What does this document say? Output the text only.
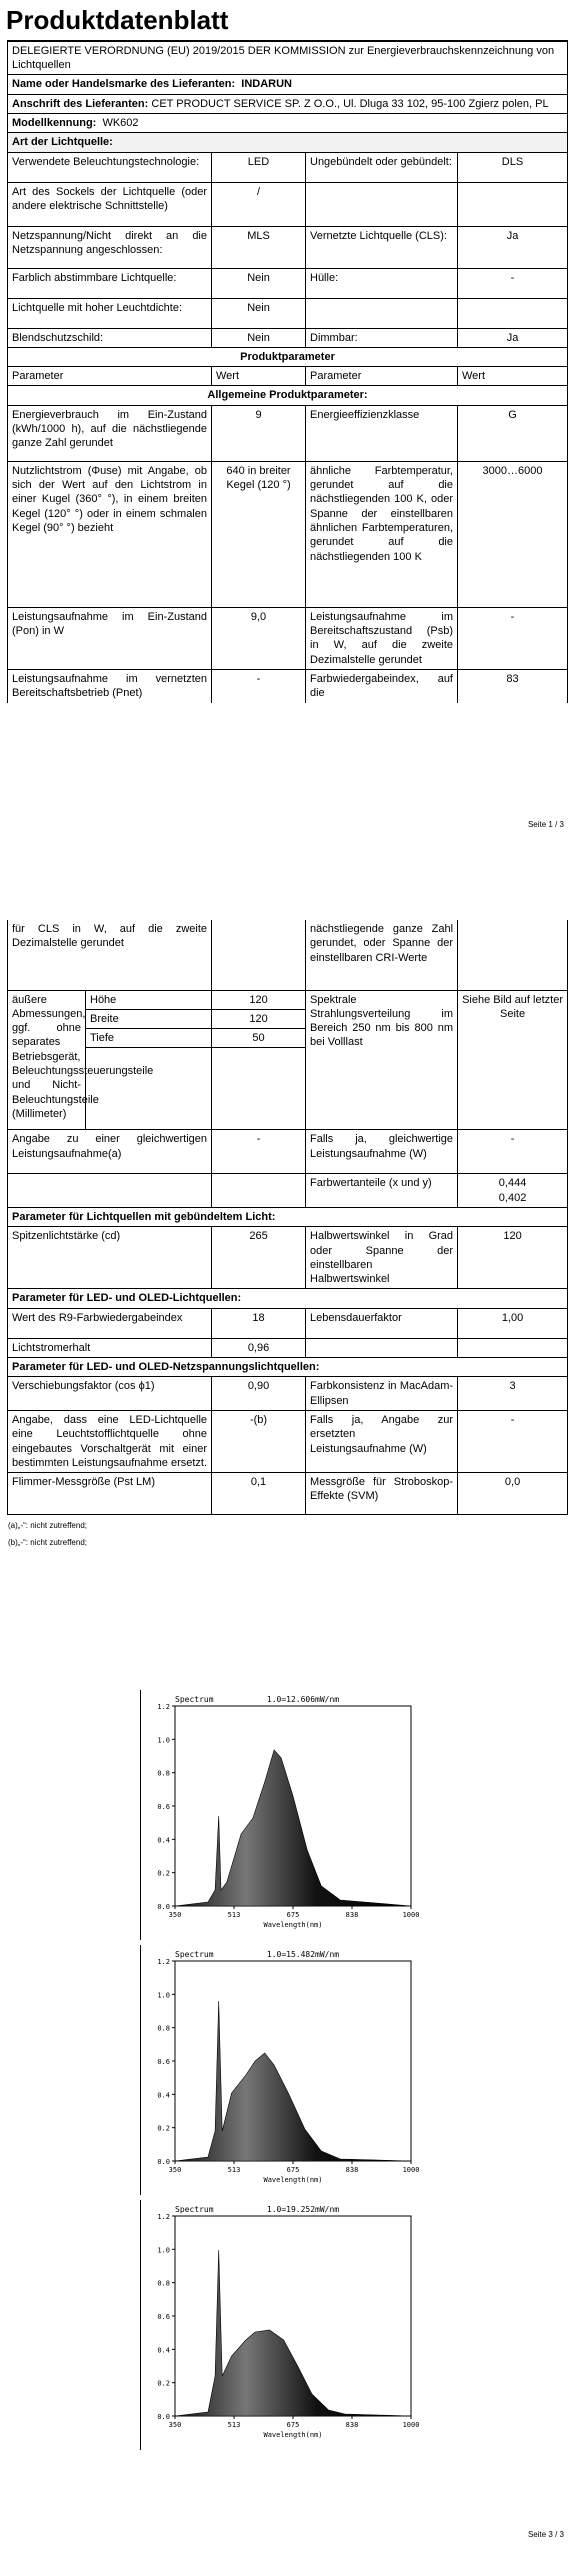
Produktdatenblatt
DELEGIERTE VERORDNUNG (EU) 2019/2015 DER KOMMISSION zur Energieverbrauchskennzeichnung von Lichtquellen			
Name oder Handelsmarke des Lieferanten: INDARUN			
Anschrift des Lieferanten: CET PRODUCT SERVICE SP. Z O.O., Ul. Dluga 33 102, 95-100 Zgierz polen, PL			
Modellkennung: WK602			
Art der Lichtquelle:			
Verwendete Beleuchtungstechnologie:	LED	Ungebündelt oder gebündelt:	DLS
Art des Sockels der Lichtquelle (oder andere elektrische Schnittstelle)	/		
Netzspannung/Nicht direkt an die Netzspannung angeschlossen:	MLS	Vernetzte Lichtquelle (CLS):	Ja
Farblich abstimmbare Lichtquelle:	Nein	Hülle:	-
Lichtquelle mit hoher Leuchtdichte:	Nein		
Blendschutzschild:	Nein	Dimmbar:	Ja
Produktparameter			
Parameter	Wert	Parameter	Wert
Allgemeine Produktparameter:			
Energieverbrauch im Ein-Zustand (kWh/1000 h), auf die nächstliegende ganze Zahl gerundet	9	Energieeffizienzklasse	G
Nutzlichtstrom (Φuse) mit Angabe, ob sich der Wert auf den Lichtstrom in einer Kugel (360° °), in einem breiten Kegel (120° °) oder in einem schmalen Kegel (90° °) bezieht	640 in breiter Kegel (120 °)	ähnliche Farbtemperatur, gerundet auf die nächstliegenden 100 K, oder Spanne der einstellbaren ähnlichen Farbtemperaturen, gerundet auf die nächstliegenden 100 K	3000…6000
Leistungsaufnahme im Ein-Zustand (Pon) in W	9,0	Leistungsaufnahme im Bereitschaftszustand (Psb) in W, auf die zweite Dezimalstelle gerundet	-
Leistungsaufnahme im vernetzten Bereitschaftsbetrieb (Pnet)	-	Farbwiedergabeindex, auf die	83
Seite 1 / 3
für CLS in W, auf die zweite Dezimalstelle gerundet			nächstliegende ganze Zahl gerundet, oder Spanne der einstellbaren CRI-Werte	
äußere Abmessungen, ggf. ohne separates Betriebsgerät, Beleuchtungssteuerungsteile und Nicht-Beleuchtungsteile (Millimeter)	Höhe	120	Spektrale Strahlungsverteilung im Bereich 250 nm bis 800 nm bei Volllast	Siehe Bild auf letzter Seite
	Breite	120		
	Tiefe	50		

Angabe zu einer gleichwertigen Leistungsaufnahme(a)		-	Falls ja, gleichwertige Leistungsaufnahme (W)	-
			Farbwertanteile (x und y)	0,444
0,402
Parameter für Lichtquellen mit gebündeltem Licht:				
Spitzenlichtstärke (cd)		265	Halbwertswinkel in Grad oder Spanne der einstellbaren Halbwertswinkel	120
Parameter für LED- und OLED-Lichtquellen:				
Wert des R9-Farbwiedergabeindex		18	Lebensdauerfaktor	1,00
Lichtstromerhalt		0,96		
Parameter für LED- und OLED-Netzspannungslichtquellen:				
Verschiebungsfaktor (cos ϕ1)		0,90	Farbkonsistenz in MacAdam-Ellipsen	3
Angabe, dass eine LED-Lichtquelle eine Leuchtstofflichtquelle ohne eingebautes Vorschaltgerät mit einer bestimmten Leistungsaufnahme ersetzt.		-(b)	Falls ja, Angabe zur ersetzten Leistungsaufnahme (W)	-
Flimmer-Messgröße (Pst LM)		0,1	Messgröße für Stroboskop-Effekte (SVM)	0,0
(a)„-“: nicht zutreffend;
(b)„-“: nicht zutreffend;
0.0
0.2
0.4
0.6
0.8
1.0
1.2
350	513	675	838	1000
Spectrum	1.0=12.606mW/nm
Wavelength(nm)
0.0
0.2
0.4
0.6
0.8
1.0
1.2
350	513	675	838	1000
Spectrum	1.0=15.482mW/nm
Wavelength(nm)
0.0
0.2
0.4
0.6
0.8
1.0
1.2
350	513	675	838	1000
Spectrum	1.0=19.252mW/nm
Wavelength(nm)
Seite 3 / 3
